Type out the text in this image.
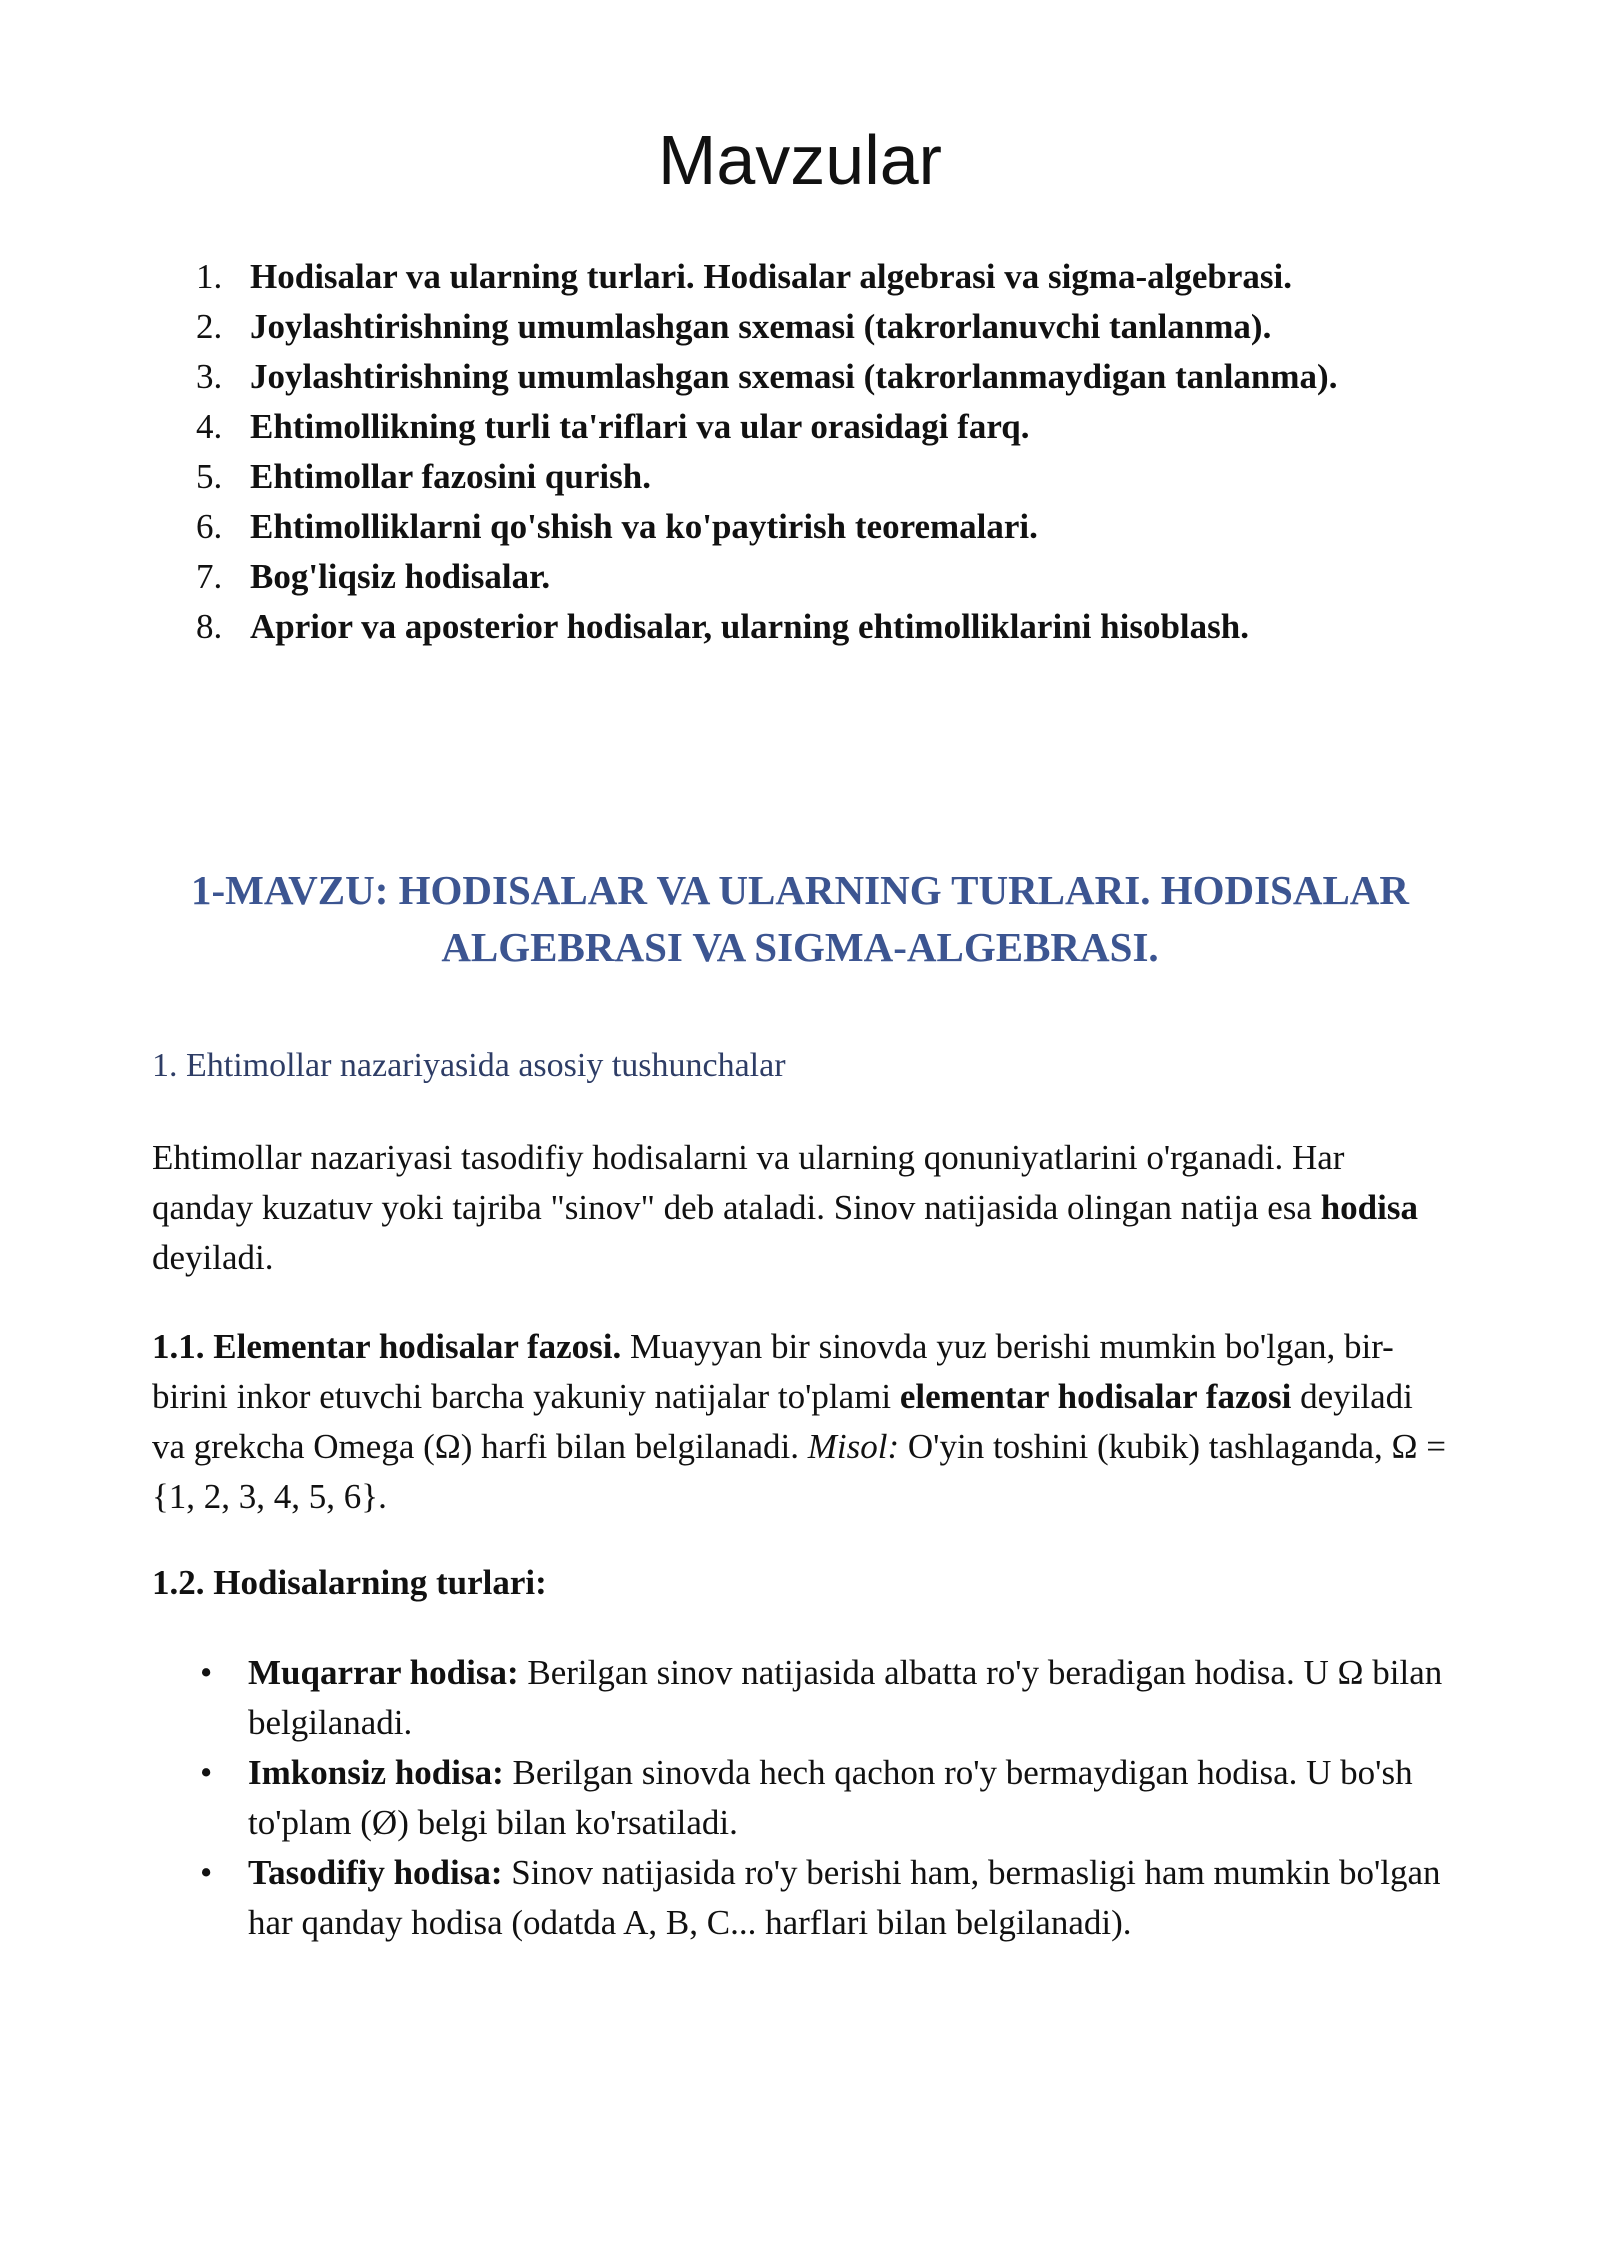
Mavzular
1. Hodisalar va ularning turlari. Hodisalar algebrasi va sigma-algebrasi.
2. Joylashtirishning umumlashgan sxemasi (takrorlanuvchi tanlanma).
3. Joylashtirishning umumlashgan sxemasi (takrorlanmaydigan tanlanma).
4. Ehtimollikning turli ta'riflari va ular orasidagi farq.
5. Ehtimollar fazosini qurish.
6. Ehtimolliklarni qo'shish va ko'paytirish teoremalari.
7. Bog'liqsiz hodisalar.
8. Aprior va aposterior hodisalar, ularning ehtimolliklarini hisoblash.
1-MAVZU: HODISALAR VA ULARNING TURLARI. HODISALAR
ALGEBRASI VA SIGMA-ALGEBRASI.
1. Ehtimollar nazariyasida asosiy tushunchalar

Ehtimollar nazariyasi tasodifiy hodisalarni va ularning qonuniyatlarini o'rganadi. Har qanday kuzatuv yoki tajriba "sinov" deb ataladi. Sinov natijasida olingan natija esa hodisa deyiladi.

1.1. Elementar hodisalar fazosi. Muayyan bir sinovda yuz berishi mumkin bo'lgan, bir-birini inkor etuvchi barcha yakuniy natijalar to'plami elementar hodisalar fazosi deyiladi va grekcha Omega (Ω) harfi bilan belgilanadi. Misol: O'yin toshini (kubik) tashlaganda, Ω = {1, 2, 3, 4, 5, 6}.

1.2. Hodisalarning turlari:

• Muqarrar hodisa: Berilgan sinov natijasida albatta ro'y beradigan hodisa. U Ω bilan belgilanadi.
• Imkonsiz hodisa: Berilgan sinovda hech qachon ro'y bermaydigan hodisa. U bo'sh to'plam (Ø) belgi bilan ko'rsatiladi.
• Tasodifiy hodisa: Sinov natijasida ro'y berishi ham, bermasligi ham mumkin bo'lgan har qanday hodisa (odatda A, B, C... harflari bilan belgilanadi).
